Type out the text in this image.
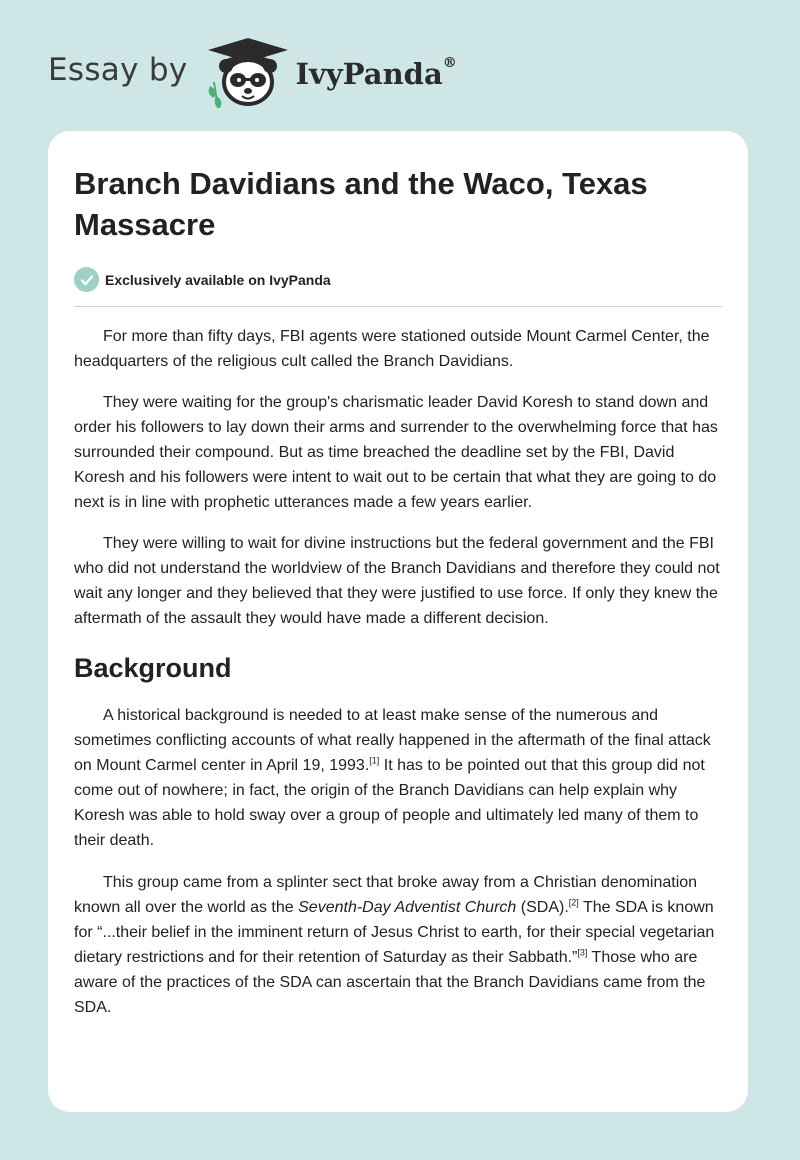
Essay by	IvyPanda®
Branch Davidians and the Waco, Texas Massacre
Exclusively available on IvyPanda

For more than fifty days, FBI agents were stationed outside Mount Carmel Center, the headquarters of the religious cult called the Branch Davidians.

They were waiting for the group's charismatic leader David Koresh to stand down and order his followers to lay down their arms and surrender to the overwhelming force that has surrounded their compound. But as time breached the deadline set by the FBI, David Koresh and his followers were intent to wait out to be certain that what they are going to do next is in line with prophetic utterances made a few years earlier.

They were willing to wait for divine instructions but the federal government and the FBI who did not understand the worldview of the Branch Davidians and therefore they could not wait any longer and they believed that they were justified to use force. If only they knew the aftermath of the assault they would have made a different decision.

Background

A historical background is needed to at least make sense of the numerous and sometimes conflicting accounts of what really happened in the aftermath of the final attack on Mount Carmel center in April 19, 1993.[1] It has to be pointed out that this group did not come out of nowhere; in fact, the origin of the Branch Davidians can help explain why Koresh was able to hold sway over a group of people and ultimately led many of them to their death.

This group came from a splinter sect that broke away from a Christian denomination known all over the world as the Seventh-Day Adventist Church (SDA).[2] The SDA is known for “...their belief in the imminent return of Jesus Christ to earth, for their special vegetarian dietary restrictions and for their retention of Saturday as their Sabbath.”[3] Those who are aware of the practices of the SDA can ascertain that the Branch Davidians came from the SDA.
